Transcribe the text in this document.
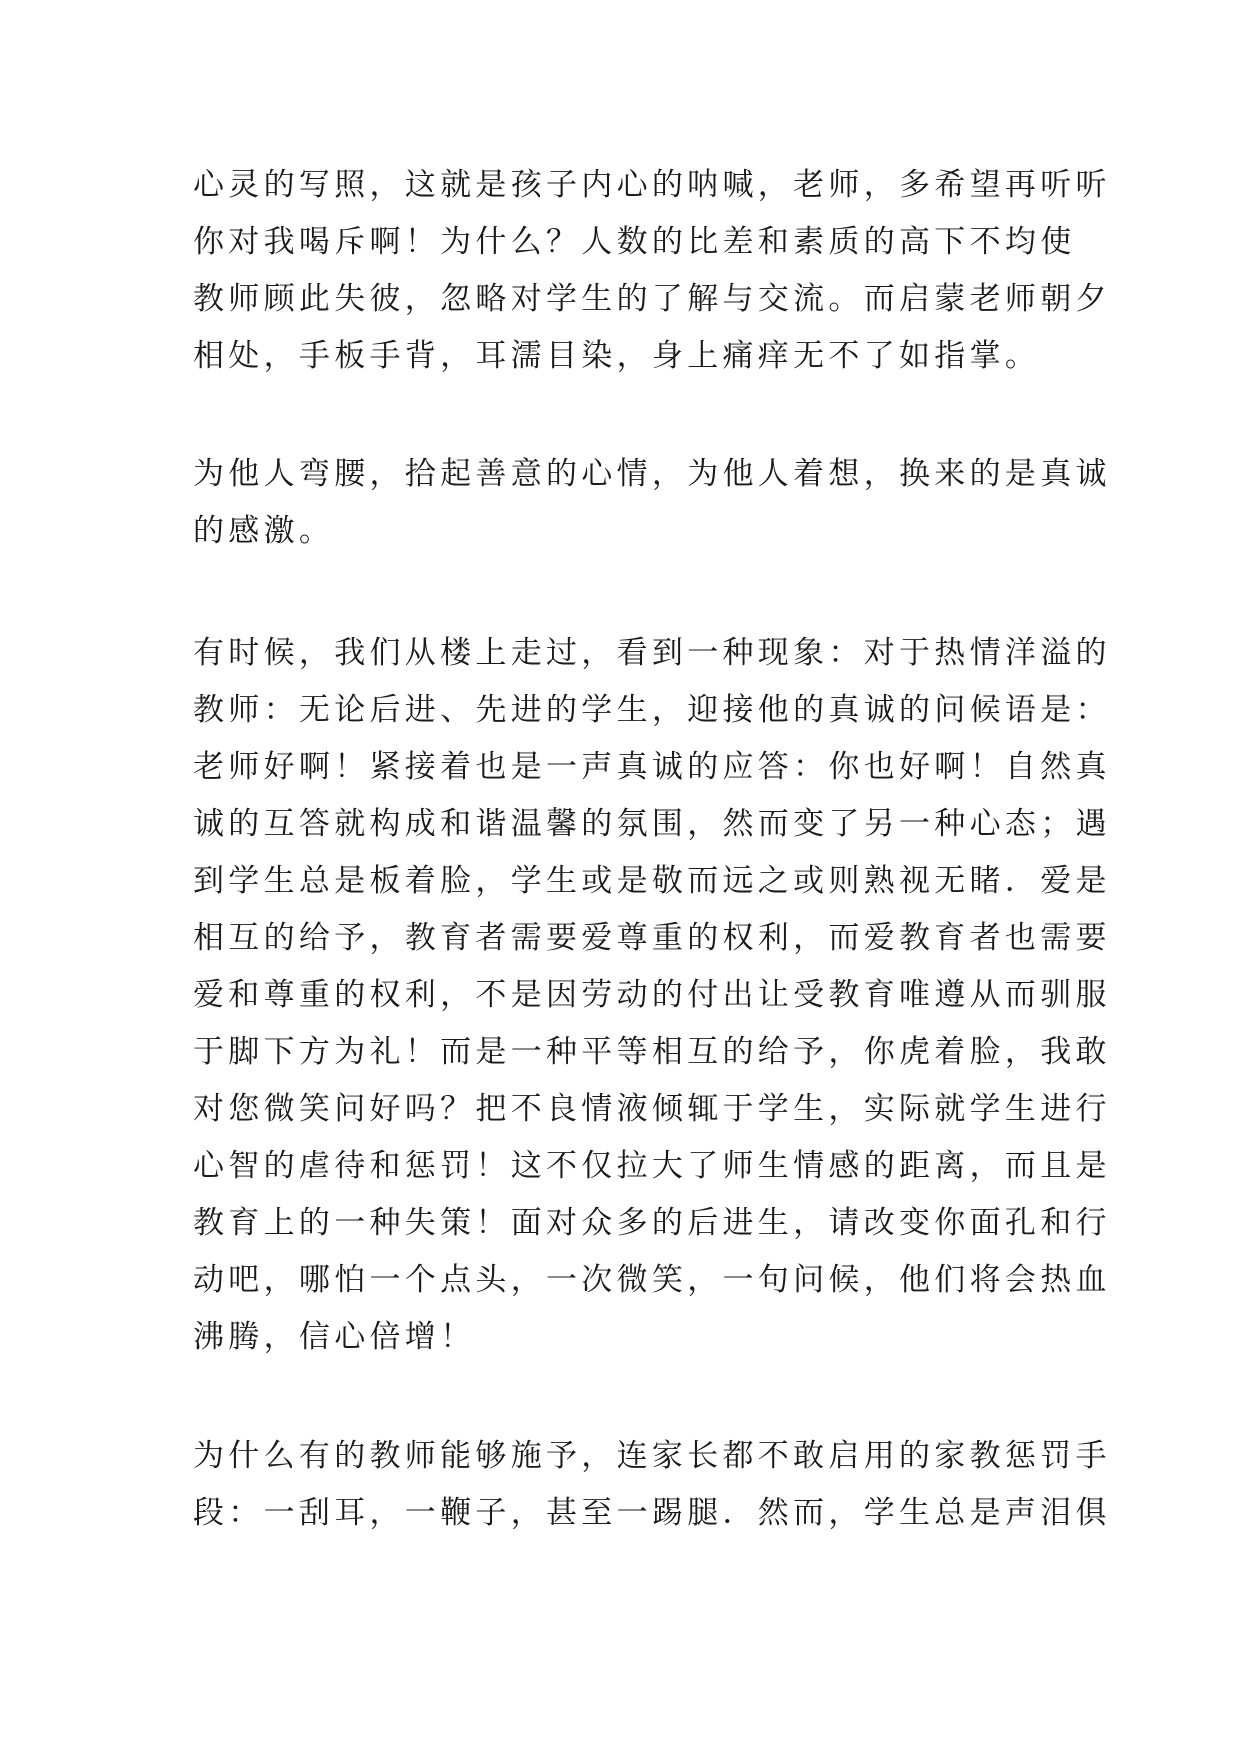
心灵的写照，这就是孩子内心的呐喊，老师，多希望再听听
你对我喝斥啊！为什么？人数的比差和素质的高下不均使
教师顾此失彼，忽略对学生的了解与交流。而启蒙老师朝夕
相处，手板手背，耳濡目染，身上痛痒无不了如指掌。

为他人弯腰，拾起善意的心情，为他人着想，换来的是真诚
的感激。

有时候，我们从楼上走过，看到一种现象：对于热情洋溢的
教师：无论后进、先进的学生，迎接他的真诚的问候语是：
老师好啊！紧接着也是一声真诚的应答：你也好啊！自然真
诚的互答就构成和谐温馨的氛围，然而变了另一种心态；遇
到学生总是板着脸，学生或是敬而远之或则熟视无睹．爱是
相互的给予，教育者需要爱尊重的权利，而爱教育者也需要
爱和尊重的权利，不是因劳动的付出让受教育唯遵从而驯服
于脚下方为礼！而是一种平等相互的给予，你虎着脸，我敢
对您微笑问好吗？把不良情液倾辄于学生，实际就学生进行
心智的虐待和惩罚！这不仅拉大了师生情感的距离，而且是
教育上的一种失策！面对众多的后进生，请改变你面孔和行
动吧，哪怕一个点头，一次微笑，一句问候，他们将会热血
沸腾，信心倍增！

为什么有的教师能够施予，连家长都不敢启用的家教惩罚手
段：一刮耳，一鞭子，甚至一踢腿．然而，学生总是声泪俱
